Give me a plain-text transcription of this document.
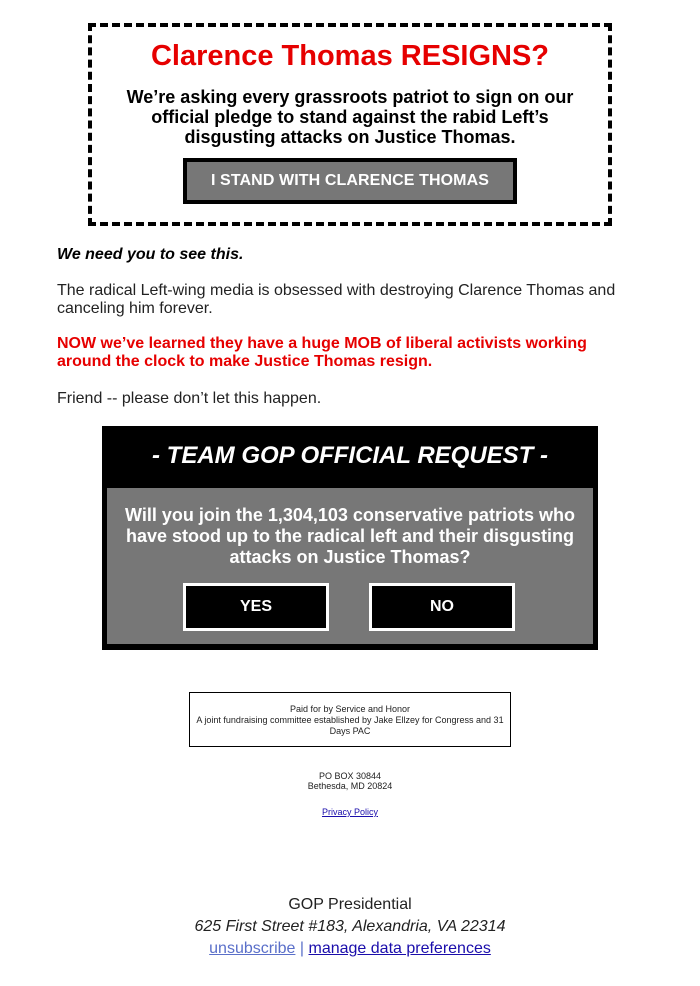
Clarence Thomas RESIGNS?
We’re asking every grassroots patriot to sign on our official pledge to stand against the rabid Left’s disgusting attacks on Justice Thomas.
I STAND WITH CLARENCE THOMAS
We need you to see this.
The radical Left-wing media is obsessed with destroying Clarence Thomas and canceling him forever.
NOW we’ve learned they have a huge MOB of liberal activists working around the clock to make Justice Thomas resign.
Friend -- please don’t let this happen.
- TEAM GOP OFFICIAL REQUEST -
Will you join the 1,304,103 conservative patriots who have stood up to the radical left and their disgusting attacks on Justice Thomas?
YES	NO
Paid for by Service and Honor
A joint fundraising committee established by Jake Ellzey for Congress and 31 Days PAC
PO BOX 30844
Bethesda, MD 20824
Privacy Policy
GOP Presidential
625 First Street #183, Alexandria, VA 22314
unsubscribe | manage data preferences
